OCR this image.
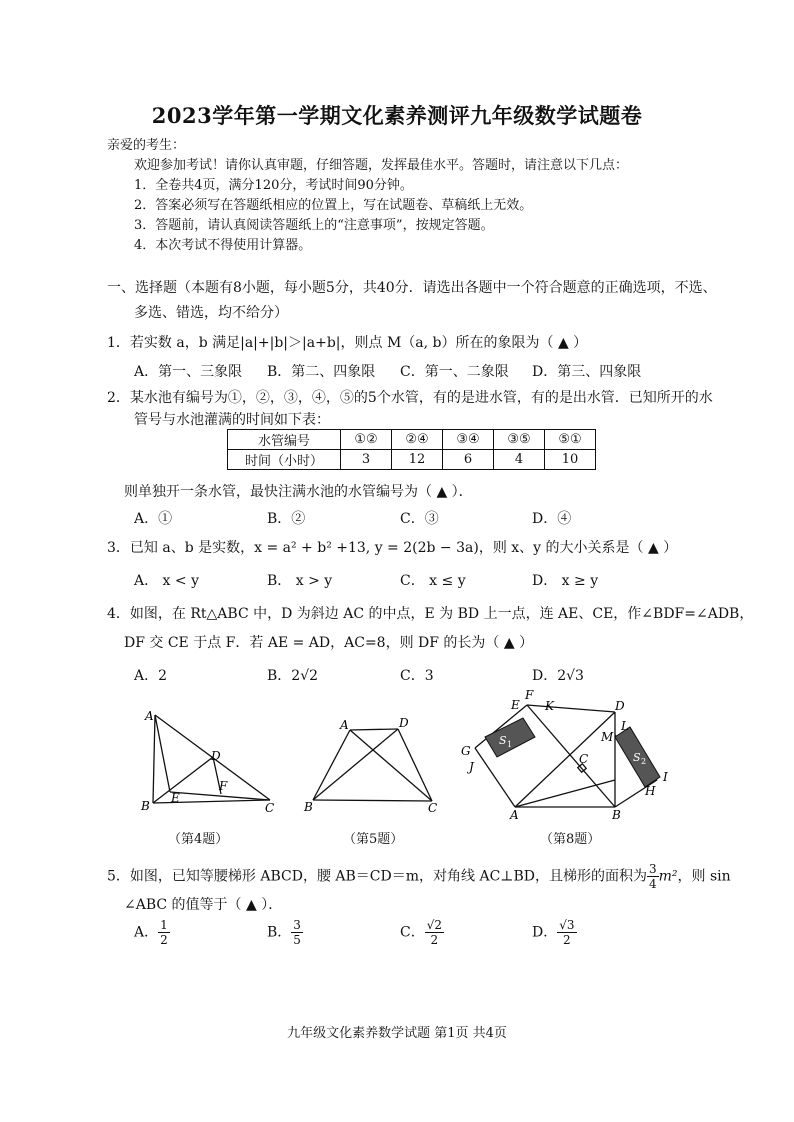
2023学年第一学期文化素养测评九年级数学试题卷
亲爱的考生：
欢迎参加考试！请你认真审题，仔细答题，发挥最佳水平。答题时，请注意以下几点：
1．全卷共4页，满分120分，考试时间90分钟。
2．答案必须写在答题纸相应的位置上，写在试题卷、草稿纸上无效。
3．答题前，请认真阅读答题纸上的“注意事项”，按规定答题。
4．本次考试不得使用计算器。
一、选择题（本题有8小题，每小题5分，共40分．请选出各题中一个符合题意的正确选项，不选、
多选、错选，均不给分）
1．若实数 a，b 满足|a|+|b|＞|a+b|，则点 M（a, b）所在的象限为（ ▲ ）
A．第一、三象限 B．第二、四象限 C．第一、二象限 D．第三、四象限
2．某水池有编号为①，②，③，④，⑤的5个水管，有的是进水管，有的是出水管．已知所开的水
管号与水池灌满的时间如下表：
水管编号	①②	②④	③④	③⑤	⑤①
时间（小时）	3	12	6	4	10
则单独开一条水管，最快注满水池的水管编号为（ ▲ ）．
A．①	B．②	C．③	D．④
3．已知 a、b 是实数，x = a² + b² +13, y = 2(2b − 3a)，则 x、y 的大小关系是（ ▲ ）
A． x < y	B． x > y	C． x ≤ y	D． x ≥ y
4．如图，在 Rt△ABC 中，D 为斜边 AC 的中点，E 为 BD 上一点，连 AE、CE，作∠BDF=∠ADB，
DF 交 CE 于点 F．若 AE = AD，AC=8，则 DF 的长为（ ▲ ）
A．2	B．2√2	C．3	D．2√3
A
B	C
D
E
F
（第4题）
A	D
B	C
（第5题）
F
E K	D
L
M
G
J
C
I
H
A	B
S 1
S 2
（第8题）
5．如图，已知等腰梯形 ABCD，腰 AB＝CD＝m，对角线 AC⊥BD，且梯形的面积为 $\frac{3}{4} m^2$，则 sin
∠ABC 的值等于（ ▲ ）．
A． $\frac{1}{2}$	B． $\frac{3}{5}$	C． $\frac{√2}{2}$	D． $\frac{√3}{2}$
九年级文化素养数学试题 第1页 共4页
